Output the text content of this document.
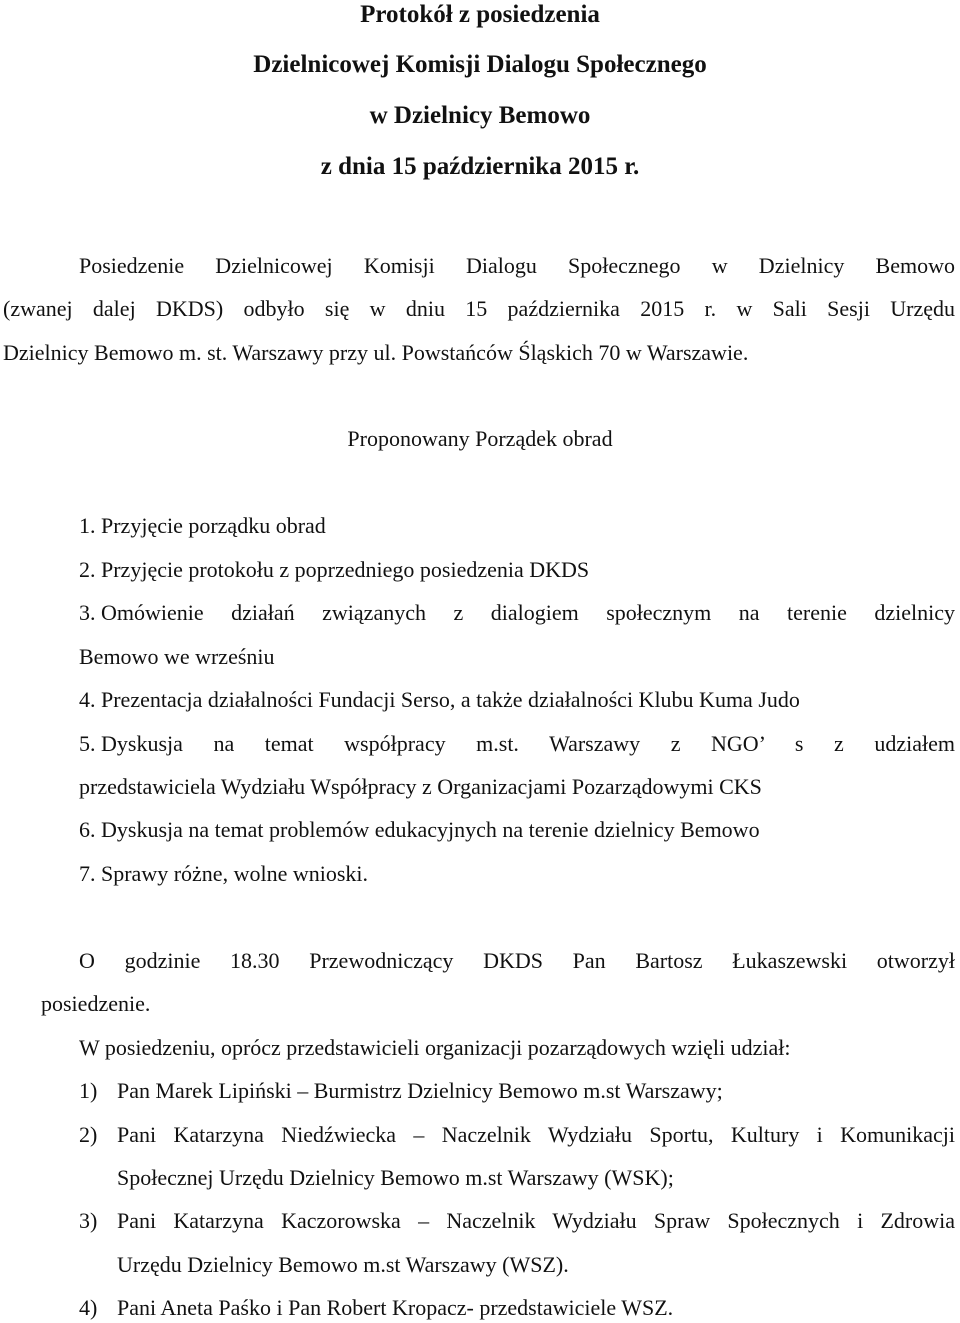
Protokół z posiedzenia

Dzielnicowej Komisji Dialogu Społecznego

w Dzielnicy Bemowo

z dnia 15 października 2015 r.

Posiedzenie Dzielnicowej Komisji Dialogu Społecznego w Dzielnicy Bemowo

(zwanej dalej DKDS) odbyło się w dniu 15 października 2015 r. w Sali Sesji Urzędu

Dzielnicy Bemowo m. st. Warszawy przy ul. Powstańców Śląskich 70 w Warszawie.

Proponowany Porządek obrad

1. Przyjęcie porządku obrad
2. Przyjęcie protokołu z poprzedniego posiedzenia DKDS
3. Omówienie działań związanych z dialogiem społecznym na terenie dzielnicy
Bemowo we wrześniu
4. Prezentacja działalności Fundacji Serso, a także działalności Klubu Kuma Judo
5. Dyskusja na temat współpracy m.st. Warszawy z NGO’ s z udziałem
przedstawiciela Wydziału Współpracy z Organizacjami Pozarządowymi CKS
6. Dyskusja na temat problemów edukacyjnych na terenie dzielnicy Bemowo
7. Sprawy różne, wolne wnioski.

O godzinie 18.30 Przewodniczący DKDS Pan Bartosz Łukaszewski otworzył

posiedzenie.

W posiedzeniu, oprócz przedstawicieli organizacji pozarządowych wzięli udział:

1) Pan Marek Lipiński – Burmistrz Dzielnicy Bemowo m.st Warszawy;
2) Pani Katarzyna Niedźwiecka – Naczelnik Wydziału Sportu, Kultury i Komunikacji
Społecznej Urzędu Dzielnicy Bemowo m.st Warszawy (WSK);
3) Pani Katarzyna Kaczorowska – Naczelnik Wydziału Spraw Społecznych i Zdrowia
Urzędu Dzielnicy Bemowo m.st Warszawy (WSZ).
4) Pani Aneta Paśko i Pan Robert Kropacz- przedstawiciele WSZ.
